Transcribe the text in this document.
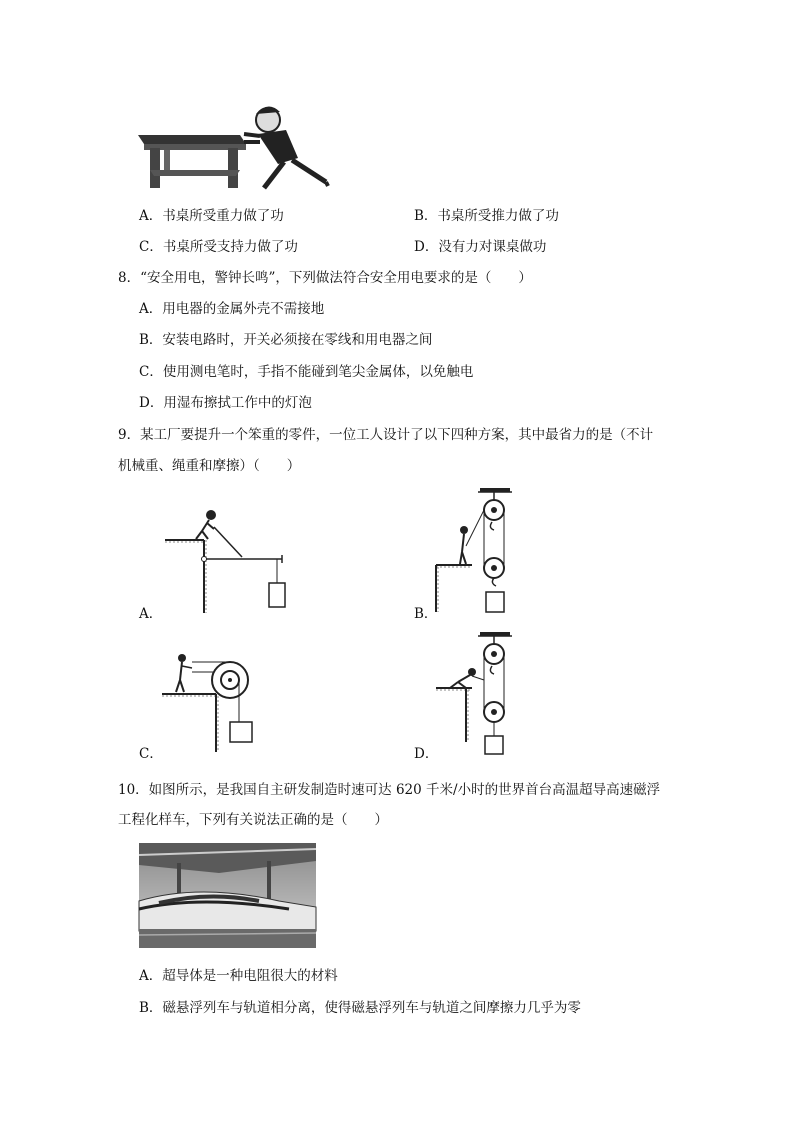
A．书桌所受重力做了功	B．书桌所受推力做了功
C．书桌所受支持力做了功	D．没有力对课桌做功
8．“安全用电，警钟长鸣”，下列做法符合安全用电要求的是（　　）
A．用电器的金属外壳不需接地
B．安装电路时，开关必须接在零线和用电器之间
C．使用测电笔时，手指不能碰到笔尖金属体，以免触电
D．用湿布擦拭工作中的灯泡
9．某工厂要提升一个笨重的零件，一位工人设计了以下四种方案，其中最省力的是（不计
机械重、绳重和摩擦）（　　）
A．	B．
C．	D．
10．如图所示，是我国自主研发制造时速可达 620 千米/小时的世界首台高温超导高速磁浮
工程化样车，下列有关说法正确的是（　　）
A．超导体是一种电阻很大的材料
B．磁悬浮列车与轨道相分离，使得磁悬浮列车与轨道之间摩擦力几乎为零
